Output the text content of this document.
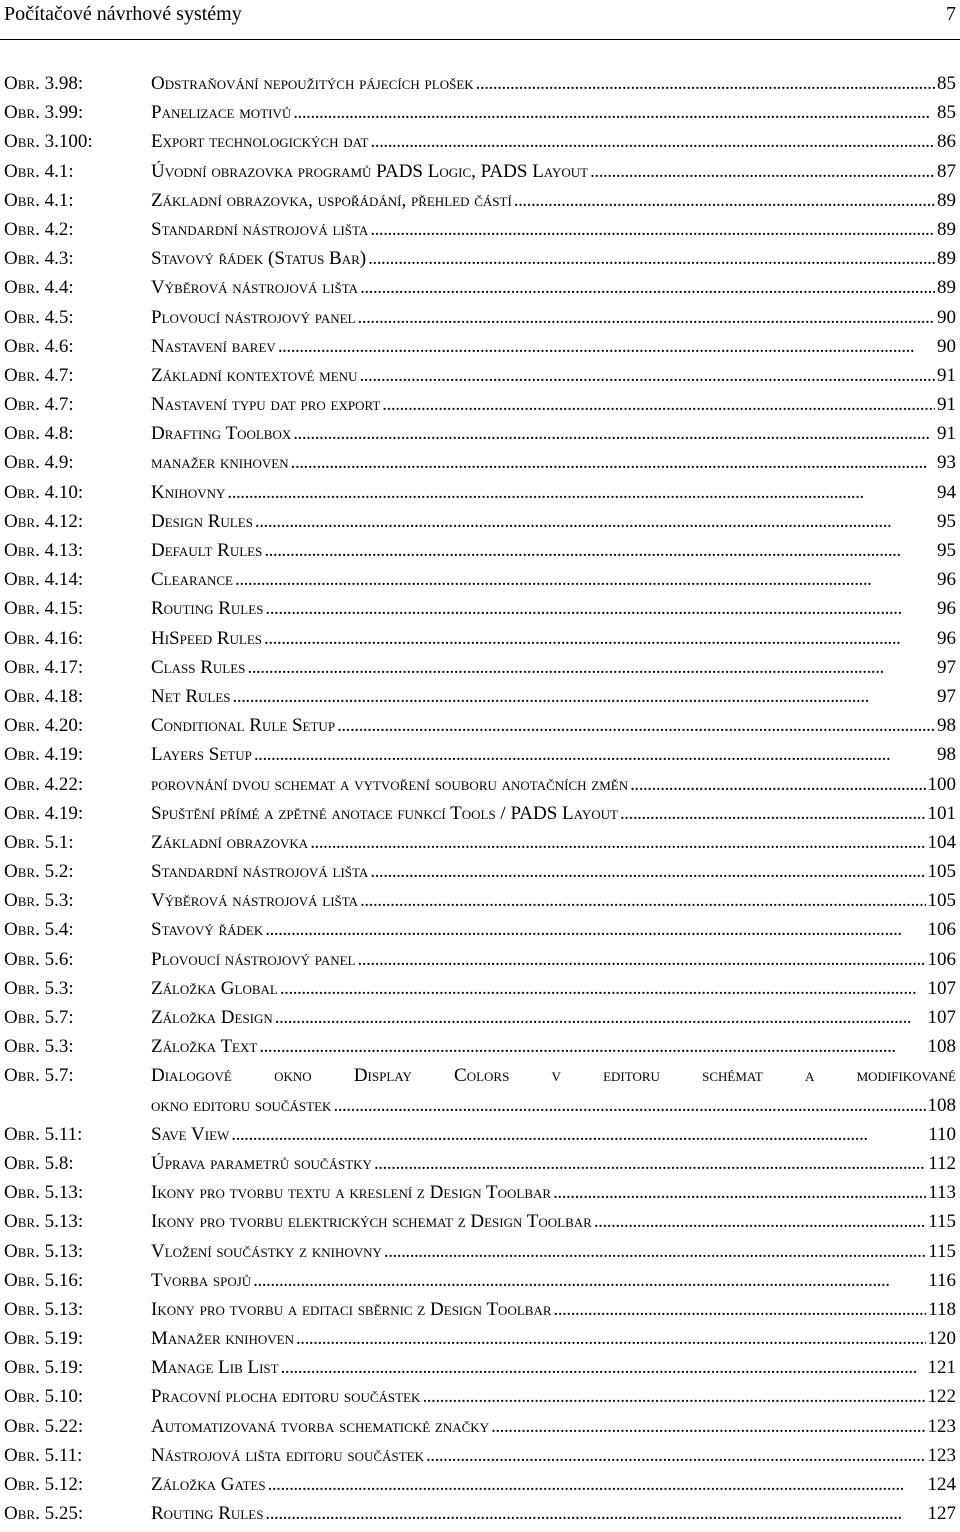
Počítačové návrhové systémy	7
Obr. 3.98:	Odstraňování nepoužitých pájecích plošek . . .	85
Obr. 3.99:	Panelizace motivů . . .	85
Obr. 3.100:	Export technologických dat . . .	86
Obr. 4.1:	Úvodní obrazovka programů PADS Logic, PADS Layout . . .	87
Obr. 4.1:	Základní obrazovka, uspořádání, přehled částí . . .	89
Obr. 4.2:	Standardní nástrojová lišta . . .	89
Obr. 4.3:	Stavový řádek (Status Bar) . . .	89
Obr. 4.4:	Výběrová nástrojová lišta . . .	89
Obr. 4.5:	Plovoucí nástrojový panel . . .	90
Obr. 4.6:	Nastavení barev . . .	90
Obr. 4.7:	Základní kontextové menu . . .	91
Obr. 4.7:	Nastavení typu dat pro export . . .	91
Obr. 4.8:	Drafting Toolbox . . .	91
Obr. 4.9:	manažer knihoven . . .	93
Obr. 4.10:	Knihovny . . .	94
Obr. 4.12:	Design Rules . . .	95
Obr. 4.13:	Default Rules . . .	95
Obr. 4.14:	Clearance . . .	96
Obr. 4.15:	Routing Rules . . .	96
Obr. 4.16:	HiSpeed Rules . . .	96
Obr. 4.17:	Class Rules . . .	97
Obr. 4.18:	Net Rules . . .	97
Obr. 4.20:	Conditional Rule Setup . . .	98
Obr. 4.19:	Layers Setup . . .	98
Obr. 4.22:	porovnání dvou schemat a vytvoření souboru anotačních změn . . .	100
Obr. 4.19:	Spuštění přímé a zpětné anotace funkcí Tools / PADS Layout . . .	101
Obr. 5.1:	Základní obrazovka . . .	104
Obr. 5.2:	Standardní nástrojová lišta . . .	105
Obr. 5.3:	Výběrová nástrojová lišta . . .	105
Obr. 5.4:	Stavový řádek . . .	106
Obr. 5.6:	Plovoucí nástrojový panel . . .	106
Obr. 5.3:	Záložka Global . . .	107
Obr. 5.7:	Záložka Design . . .	107
Obr. 5.3:	Záložka Text . . .	108
Obr. 5.7:	Dialogové okno Display Colors v editoru schémat a modifikované
okno editoru součástek . . .	108
Obr. 5.11:	Save View . . .	110
Obr. 5.8:	Úprava parametrů součástky . . .	112
Obr. 5.13:	Ikony pro tvorbu textu a kreslení z Design Toolbar . . .	113
Obr. 5.13:	Ikony pro tvorbu elektrických schemat z Design Toolbar . . .	115
Obr. 5.13:	Vložení součástky z knihovny . . .	115
Obr. 5.16:	Tvorba spojů . . .	116
Obr. 5.13:	Ikony pro tvorbu a editaci sběrnic z Design Toolbar . . .	118
Obr. 5.19:	Manažer knihoven . . .	120
Obr. 5.19:	Manage Lib List . . .	121
Obr. 5.10:	Pracovní plocha editoru součástek . . .	122
Obr. 5.22:	Automatizovaná tvorba schematické značky . . .	123
Obr. 5.11:	Nástrojová lišta editoru součástek . . .	123
Obr. 5.12:	Záložka Gates . . .	124
Obr. 5.25:	Routing Rules . . .	127
